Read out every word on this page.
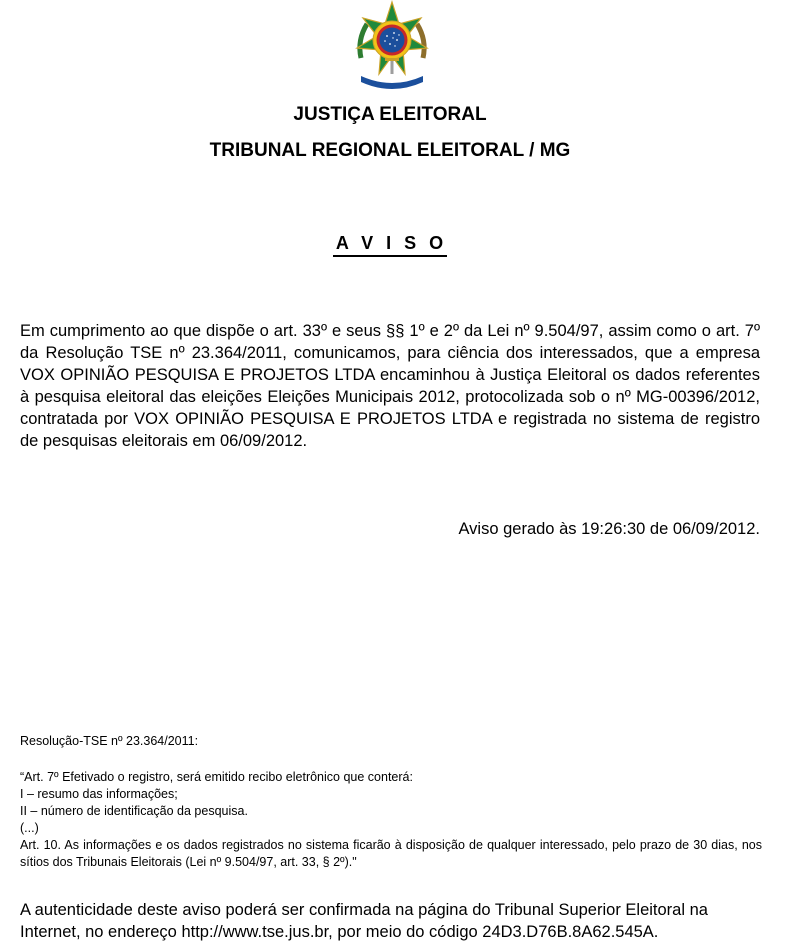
JUSTIÇA ELEITORAL
TRIBUNAL REGIONAL ELEITORAL / MG
A V I S O
Em cumprimento ao que dispõe o art. 33º e seus §§ 1º e 2º da Lei nº 9.504/97, assim como o art. 7º da Resolução TSE nº 23.364/2011, comunicamos, para ciência dos interessados, que a empresa VOX OPINIÃO PESQUISA E PROJETOS LTDA encaminhou à Justiça Eleitoral os dados referentes à pesquisa eleitoral das eleições Eleições Municipais 2012, protocolizada sob o nº MG-00396/2012, contratada por VOX OPINIÃO PESQUISA E PROJETOS LTDA e registrada no sistema de registro de pesquisas eleitorais em 06/09/2012.
Aviso gerado às 19:26:30 de 06/09/2012.
Resolução-TSE nº 23.364/2011:
“Art. 7º Efetivado o registro, será emitido recibo eletrônico que conterá:
I – resumo das informações;
II – número de identificação da pesquisa.
(...)
Art. 10. As informações e os dados registrados no sistema ficarão à disposição de qualquer interessado, pelo prazo de 30 dias, nos sítios dos Tribunais Eleitorais (Lei nº 9.504/97, art. 33, § 2º)."
A autenticidade deste aviso poderá ser confirmada na página do Tribunal Superior Eleitoral na Internet, no endereço http://www.tse.jus.br, por meio do código 24D3.D76B.8A62.545A.
